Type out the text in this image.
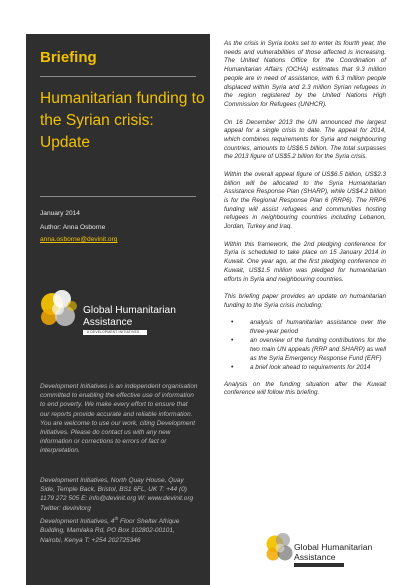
Briefing
Humanitarian funding to the Syrian crisis: Update
January 2014
Author: Anna Osborne
anna.osborne@devinit.org
Global Humanitarian Assistance
A DEVELOPMENT INITIATIVES
Development Initiatives is an independent organisation committed to enabling the effective use of information to end poverty. We make every effort to ensure that our reports provide accurate and reliable information. You are welcome to use our work, citing Development Initiatives. Please do contact us with any new information or corrections to errors of fact or interpretation.
Development Initiatives, North Quay House, Quay Side, Temple Back, Bristol, BS1 6FL, UK T: +44 (0) 1179 272 505 E: info@devinit.org W: www.devinit.org Twitter: devinitorg
Development Initiatives, 4th Floor Shelter Afrique Building, Mamlaka Rd, PO Box 102802-00101, Nairobi, Kenya T: +254 202725346

As the crisis in Syria looks set to enter its fourth year, the needs and vulnerabilities of those affected is increasing. The United Nations Office for the Coordination of Humanitarian Affairs (OCHA) estimates that 9.3 million people are in need of assistance, with 6.3 million people displaced within Syria and 2.3 million Syrian refugees in the region registered by the United Nations High Commission for Refugees (UNHCR).

On 16 December 2013 the UN announced the largest appeal for a single crisis to date. The appeal for 2014, which combines requirements for Syria and neighbouring countries, amounts to US$6.5 billion. The total surpasses the 2013 figure of US$5.2 billion for the Syria crisis.

Within the overall appeal figure of US$6.5 billion, US$2.3 billion will be allocated to the Syria Humanitarian Assistance Response Plan (SHARP), while US$4.2 billion is for the Regional Response Plan 6 (RRP6). The RRP6 funding will assist refugees and communities hosting refugees in neighbouring countries including Lebanon, Jordan, Turkey and Iraq.

Within this framework, the 2nd pledging conference for Syria is scheduled to take place on 15 January 2014 in Kuwait. One year ago, at the first pledging conference in Kuwait, US$1.5 million was pledged for humanitarian efforts in Syria and neighbouring countries.

This briefing paper provides an update on humanitarian funding to the Syria crisis including:

• analysis of humanitarian assistance over the three-year period
• an overview of the funding contributions for the two main UN appeals (RRP and SHARP) as well as the Syria Emergency Response Fund (ERF)
• a brief look ahead to requirements for 2014

Analysis on the funding situation after the Kuwait conference will follow this briefing.

Global Humanitarian Assistance
